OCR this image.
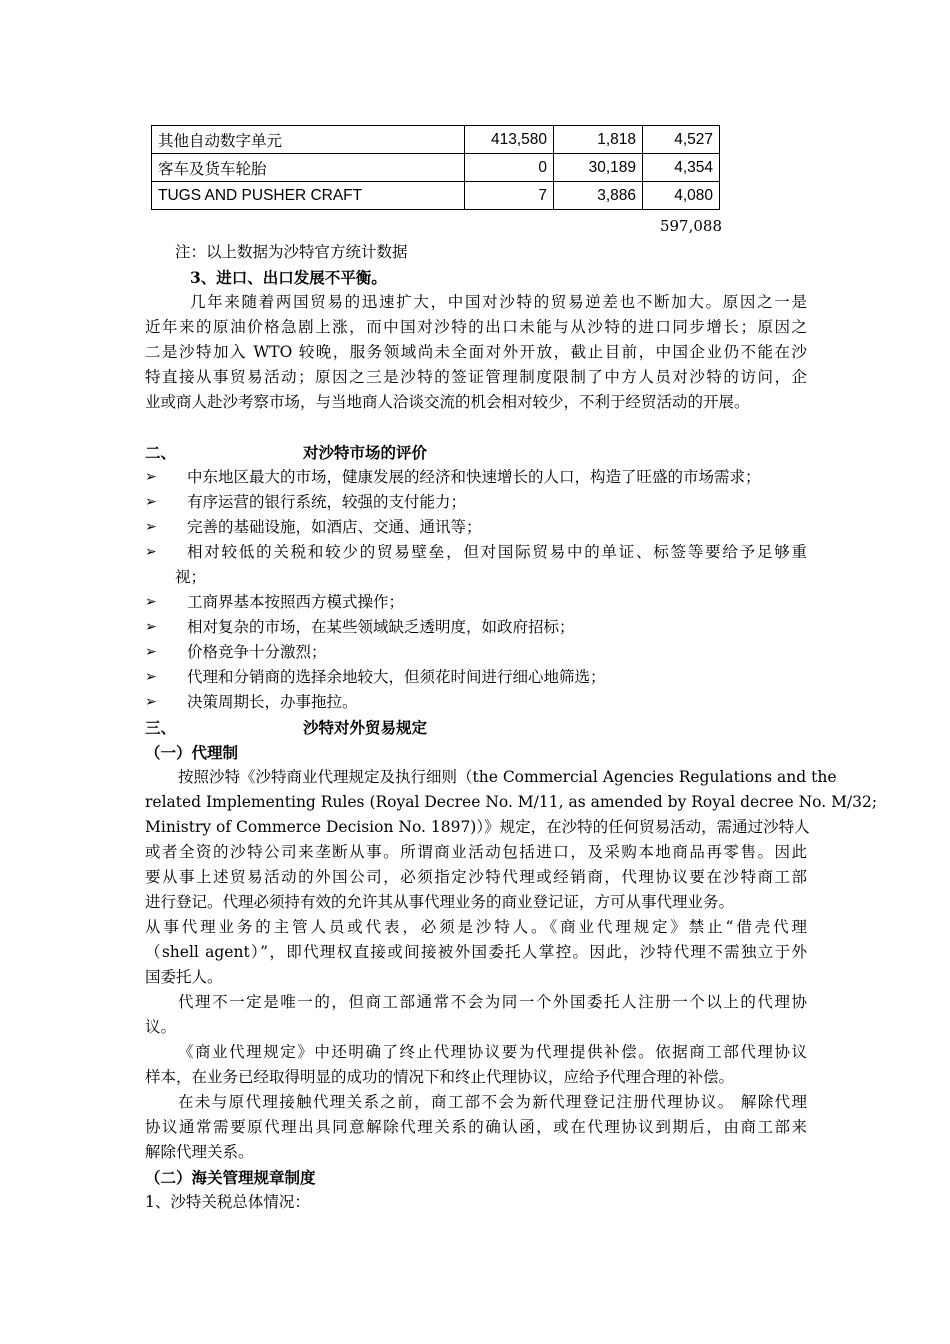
其他自动数字单元	413,580	1,818	4,527
客车及货车轮胎	0	30,189	4,354
TUGS AND PUSHER CRAFT	7	3,886	4,080
597,088
注：以上数据为沙特官方统计数据
3、进口、出口发展不平衡。
几年来随着两国贸易的迅速扩大，中国对沙特的贸易逆差也不断加大。原因之一是
近年来的原油价格急剧上涨，而中国对沙特的出口未能与从沙特的进口同步增长；原因之
二是沙特加入 WTO 较晚，服务领域尚未全面对外开放，截止目前，中国企业仍不能在沙
特直接从事贸易活动；原因之三是沙特的签证管理制度限制了中方人员对沙特的访问，企
业或商人赴沙考察市场，与当地商人洽谈交流的机会相对较少，不利于经贸活动的开展。
二、	对沙特市场的评价
➢ 中东地区最大的市场，健康发展的经济和快速增长的人口，构造了旺盛的市场需求；
➢ 有序运营的银行系统，较强的支付能力；
➢ 完善的基础设施，如酒店、交通、通讯等；
➢ 相对较低的关税和较少的贸易壁垒，但对国际贸易中的单证、标签等要给予足够重
视；
➢ 工商界基本按照西方模式操作；
➢ 相对复杂的市场，在某些领域缺乏透明度，如政府招标；
➢ 价格竞争十分激烈；
➢ 代理和分销商的选择余地较大，但须花时间进行细心地筛选；
➢ 决策周期长，办事拖拉。
三、	沙特对外贸易规定
（一）代理制
按照沙特《沙特商业代理规定及执行细则（the Commercial Agencies Regulations and the
related Implementing Rules (Royal Decree No. M/11, as amended by Royal decree No. M/32;
Ministry of Commerce Decision No. 1897)）》规定，在沙特的任何贸易活动，需通过沙特人
或者全资的沙特公司来垄断从事。所谓商业活动包括进口，及采购本地商品再零售。因此
要从事上述贸易活动的外国公司，必须指定沙特代理或经销商，代理协议要在沙特商工部
进行登记。代理必须持有效的允许其从事代理业务的商业登记证，方可从事代理业务。
从事代理业务的主管人员或代表，必须是沙特人。《商业代理规定》禁止“借壳代理
（shell agent）”，即代理权直接或间接被外国委托人掌控。因此，沙特代理不需独立于外
国委托人。
代理不一定是唯一的，但商工部通常不会为同一个外国委托人注册一个以上的代理协
议。
《商业代理规定》中还明确了终止代理协议要为代理提供补偿。依据商工部代理协议
样本，在业务已经取得明显的成功的情况下和终止代理协议，应给予代理合理的补偿。
在未与原代理接触代理关系之前，商工部不会为新代理登记注册代理协议。 解除代理
协议通常需要原代理出具同意解除代理关系的确认函，或在代理协议到期后，由商工部来
解除代理关系。
（二）海关管理规章制度
1、沙特关税总体情况：
